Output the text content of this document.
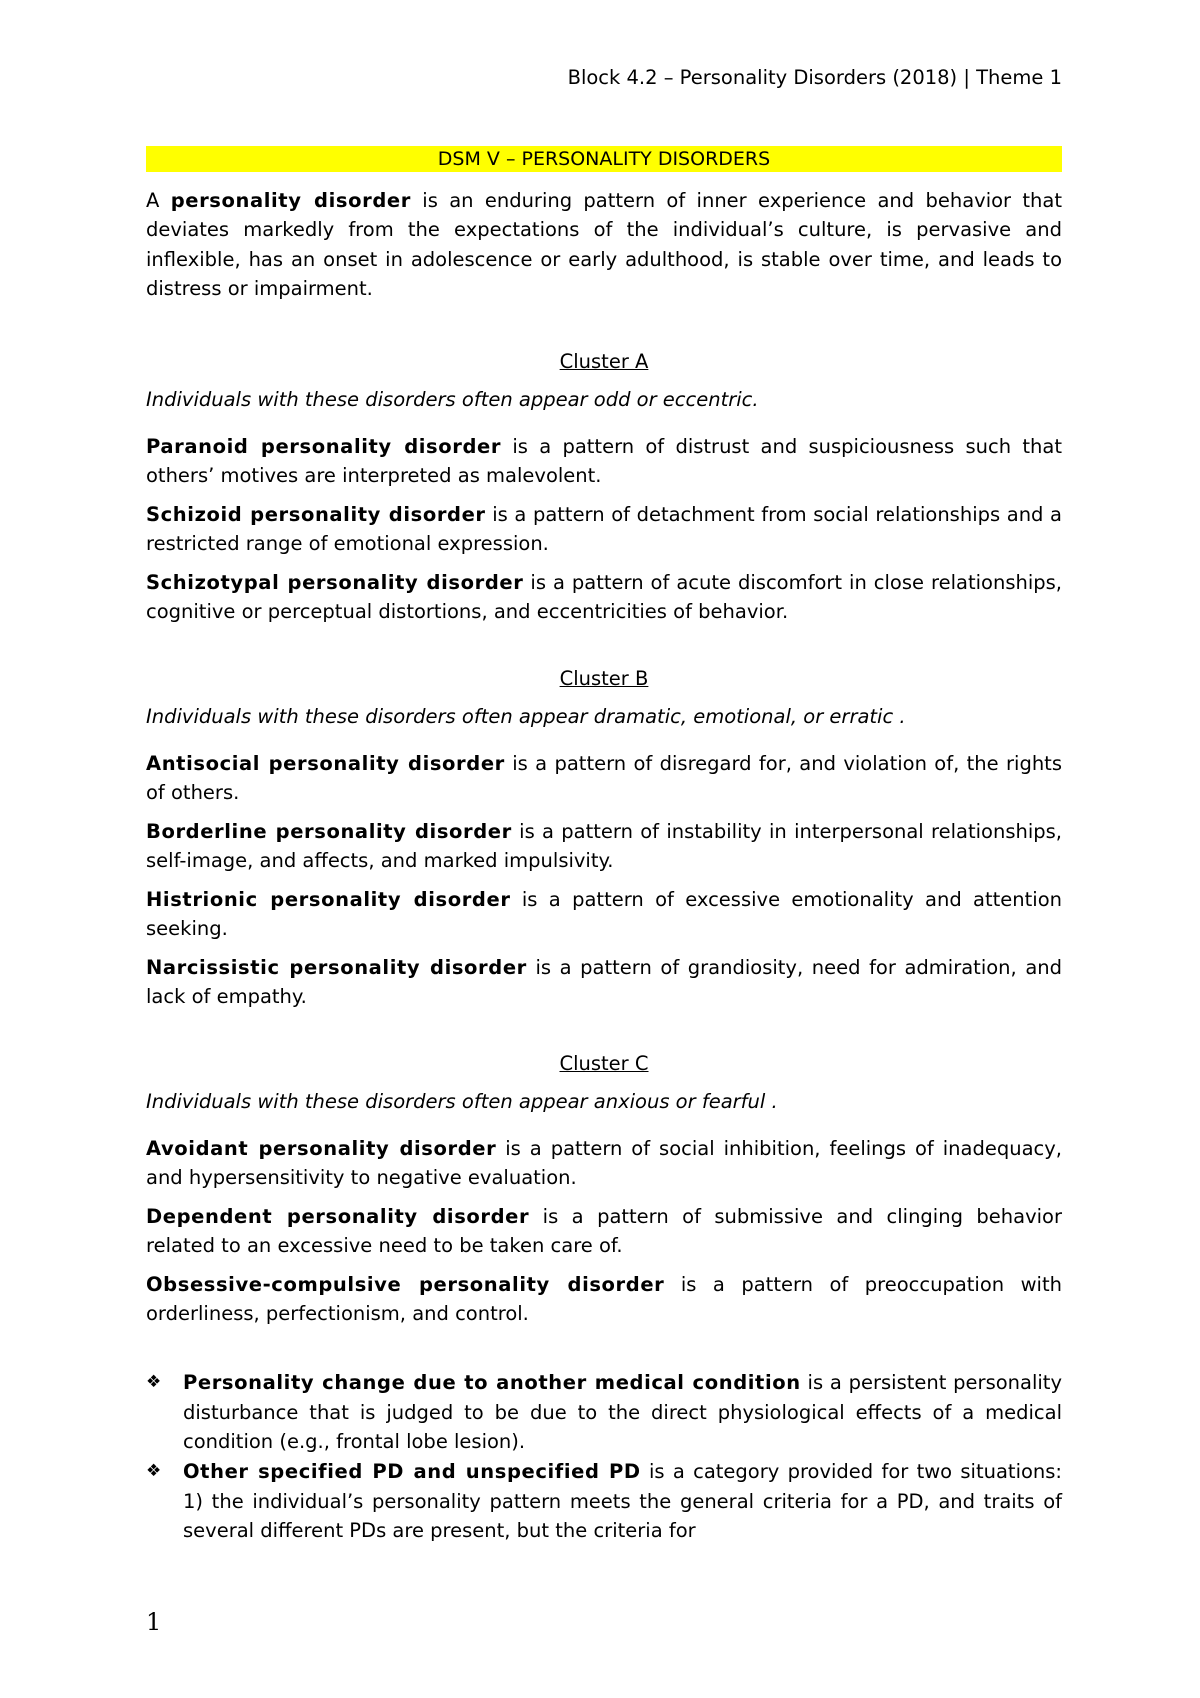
Block 4.2 – Personality Disorders (2018) | Theme 1
DSM V – PERSONALITY DISORDERS

A personality disorder is an enduring pattern of inner experience and behavior that deviates markedly from the expectations of the individual’s culture, is pervasive and inflexible, has an onset in adolescence or early adulthood, is stable over time, and leads to distress or impairment.

Cluster A
Individuals with these disorders often appear odd or eccentric.

Paranoid personality disorder is a pattern of distrust and suspiciousness such that others’ motives are interpreted as malevolent.

Schizoid personality disorder is a pattern of detachment from social relationships and a restricted range of emotional expression.

Schizotypal personality disorder is a pattern of acute discomfort in close relationships, cognitive or perceptual distortions, and eccentricities of behavior.

Cluster B
Individuals with these disorders often appear dramatic, emotional, or erratic .

Antisocial personality disorder is a pattern of disregard for, and violation of, the rights of others.

Borderline personality disorder is a pattern of instability in interpersonal relationships, self-image, and affects, and marked impulsivity.

Histrionic personality disorder is a pattern of excessive emotionality and attention seeking.

Narcissistic personality disorder is a pattern of grandiosity, need for admiration, and lack of empathy.

Cluster C
Individuals with these disorders often appear anxious or fearful .

Avoidant personality disorder is a pattern of social inhibition, feelings of inadequacy, and hypersensitivity to negative evaluation.

Dependent personality disorder is a pattern of submissive and clinging behavior related to an excessive need to be taken care of.

Obsessive-compulsive personality disorder is a pattern of preoccupation with orderliness, perfectionism, and control.

❖	Personality change due to another medical condition is a persistent personality disturbance that is judged to be due to the direct physiological effects of a medical condition (e.g., frontal lobe lesion).
❖	Other specified PD and unspecified PD is a category provided for two situations: 1) the individual’s personality pattern meets the general criteria for a PD, and traits of several different PDs are present, but the criteria for
1
